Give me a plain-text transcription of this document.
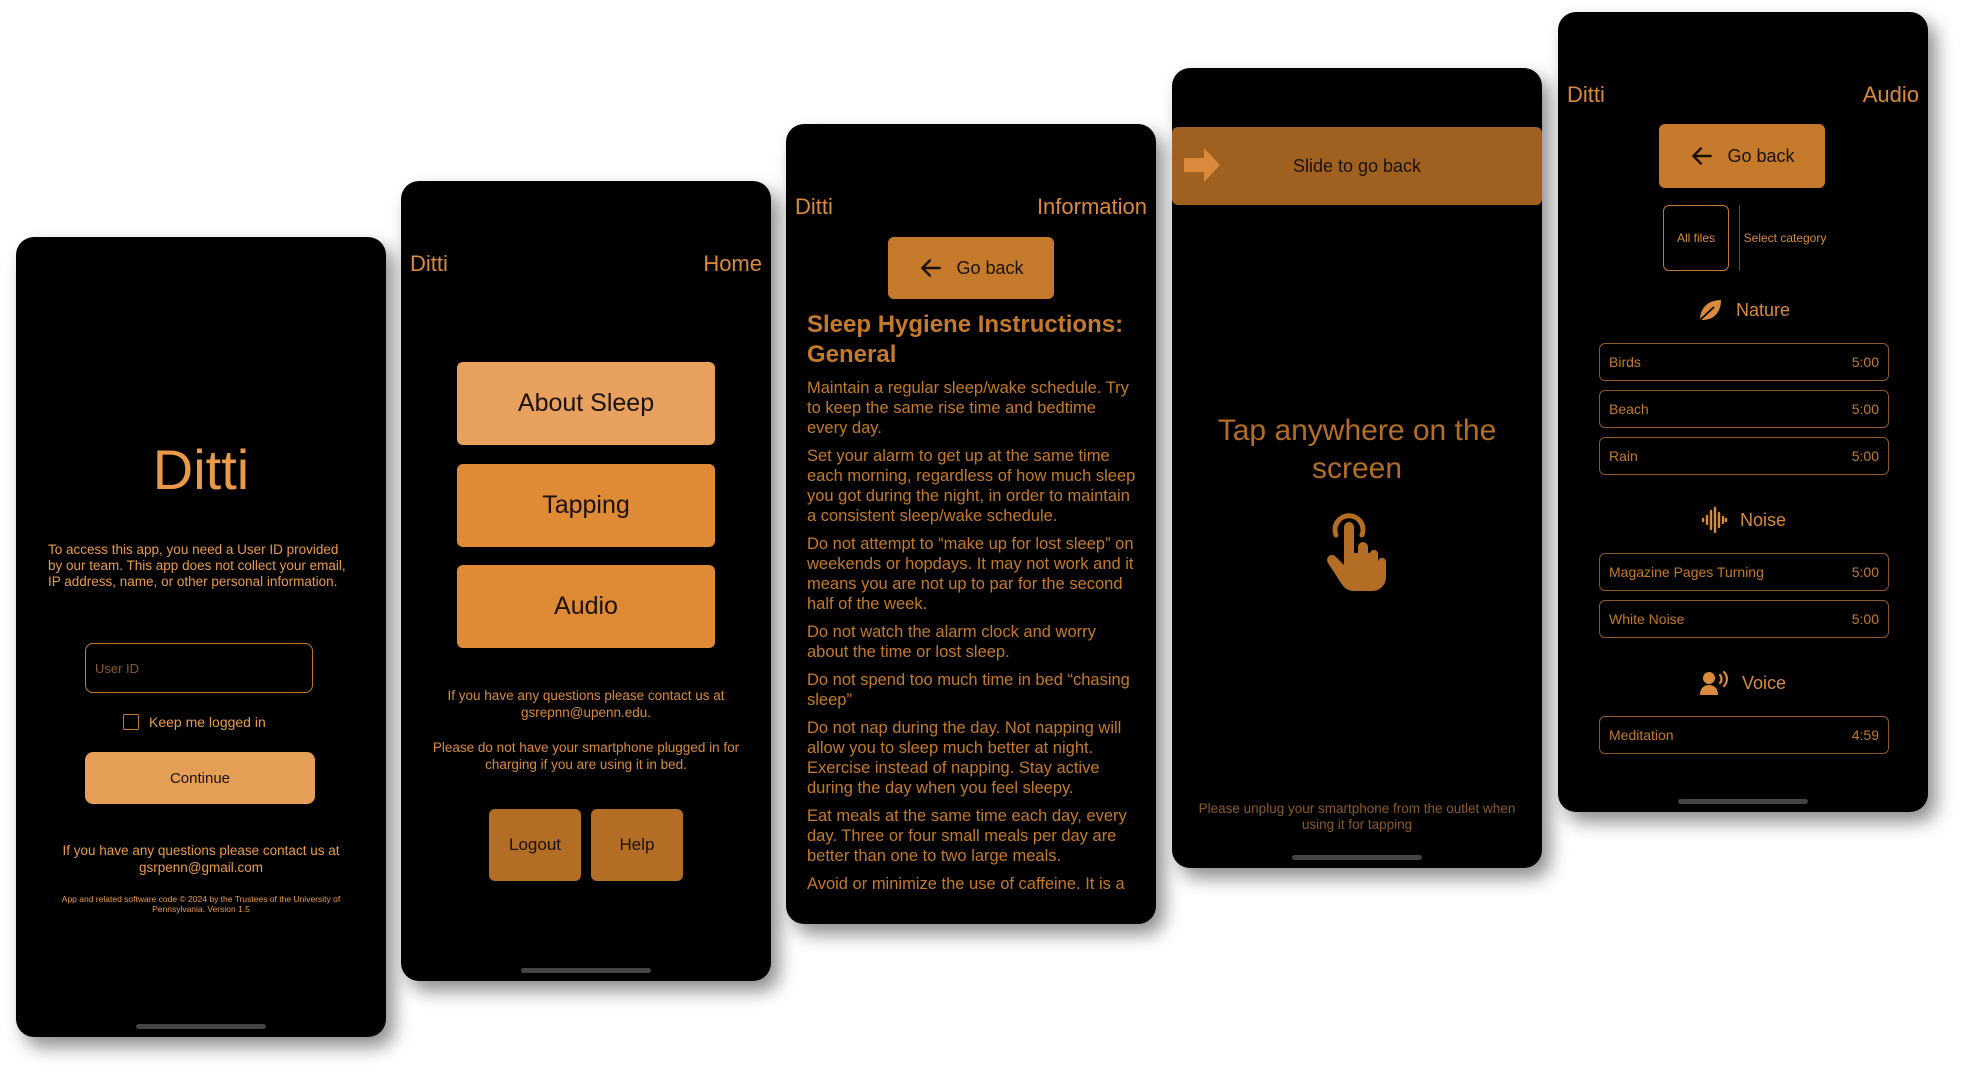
Ditti
To access this app, you need a User ID provided by our team. This app does not collect your email, IP address, name, or other personal information.
User ID
Keep me logged in
Continue
If you have any questions please contact us at gsrpenn@gmail.com
App and related software code © 2024 by the Trustees of the University of Pennsylvania. Version 1.5
Ditti	Home
About Sleep
Tapping
Audio
If you have any questions please contact us at gsrepnn@upenn.edu.
Please do not have your smartphone plugged in for charging if you are using it in bed.
Logout	Help
Ditti	Information
Go back
Sleep Hygiene Instructions: General

Maintain a regular sleep/wake schedule. Try to keep the same rise time and bedtime every day.

Set your alarm to get up at the same time each morning, regardless of how much sleep you got during the night, in order to maintain a consistent sleep/wake schedule.

Do not attempt to “make up for lost sleep” on weekends or hopdays. It may not work and it means you are not up to par for the second half of the week.

Do not watch the alarm clock and worry about the time or lost sleep.

Do not spend too much time in bed “chasing sleep”

Do not nap during the day. Not napping will allow you to sleep much better at night. Exercise instead of napping. Stay active during the day when you feel sleepy.

Eat meals at the same time each day, every day. Three or four small meals per day are better than one to two large meals.

Avoid or minimize the use of caffeine. It is a

Slide to go back
Tap anywhere on the screen
Please unplug your smartphone from the outlet when using it for tapping
Ditti	Audio
Go back
All files	Select category
Nature
Birds	5:00
Beach	5:00
Rain	5:00
Noise
Magazine Pages Turning	5:00
White Noise	5:00
Voice
Meditation	4:59
